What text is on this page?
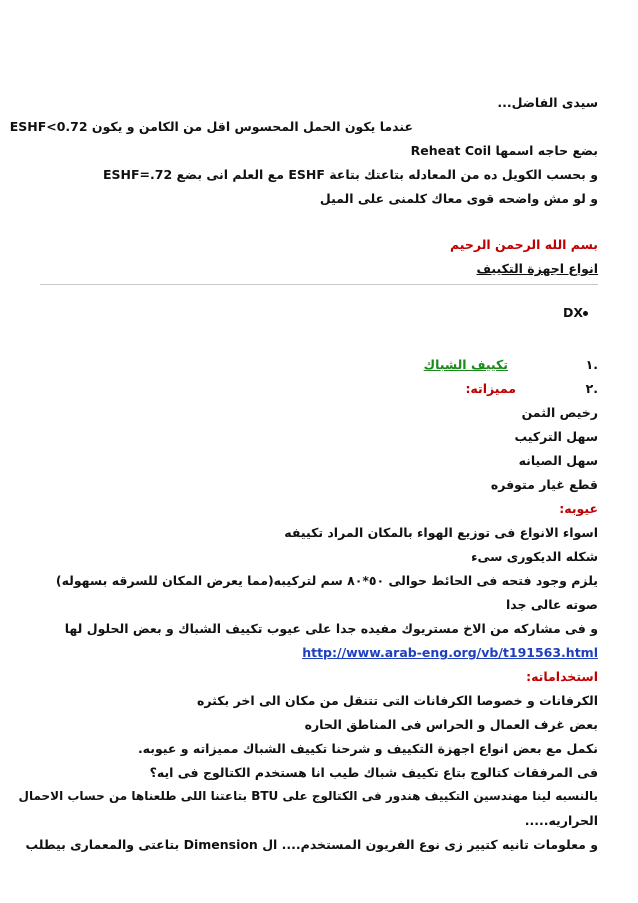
سيدى الفاضل...
عندما يكون الحمل المحسوس اقل من الكامن و يكون ESHF<0.72
بضع حاجه اسمها Reheat Coil
و بحسب الكويل ده من المعادله بتاعتك بتاعة ESHF مع العلم انى بضع ESHF=.72
و لو مش واضحه قوى معاك كلمنى على الميل
بسم الله الرحمن الرحيم
انواع اجهزة التكييف
DX
.١
تكييف الشباك
.٢
مميزاته:
رخيص الثمن
سهل التركيب
سهل الصيانه
قطع غيار متوفره
عيوبه:
اسواء الانواع فى توزيع الهواء بالمكان المراد تكييفه
شكله الديكورى سىء
يلزم وجود فتحه فى الحائط حوالى ٥٠*٨٠ سم لتركيبه(مما يعرض المكان للسرقه بسهوله)
صوته عالى جدا
و فى مشاركه من الاخ مستريوك مفيده جدا على عيوب تكييف الشباك و بعض الحلول لها
http://www.arab-eng.org/vb/t191563.html
استخداماته:
الكرفانات و خصوصا الكرفانات التى تتنقل من مكان الى اخر بكثره
بعض غرف العمال و الحراس فى المناطق الحاره
نكمل مع بعض انواع اجهزة التكييف و شرحنا تكييف الشباك مميزاته و عيوبه.
فى المرفقات كتالوج بتاع تكييف شباك طيب انا هستخدم الكتالوج فى ايه؟
بالنسبه لينا مهندسين التكييف هندور فى الكتالوج على BTU بتاعتنا اللى طلعناها من حساب الاحمال
الحراريه.....
و معلومات تانيه كتيير زى نوع الفريون المستخدم.... ال Dimension بتاعتى والمعمارى بيطلب
